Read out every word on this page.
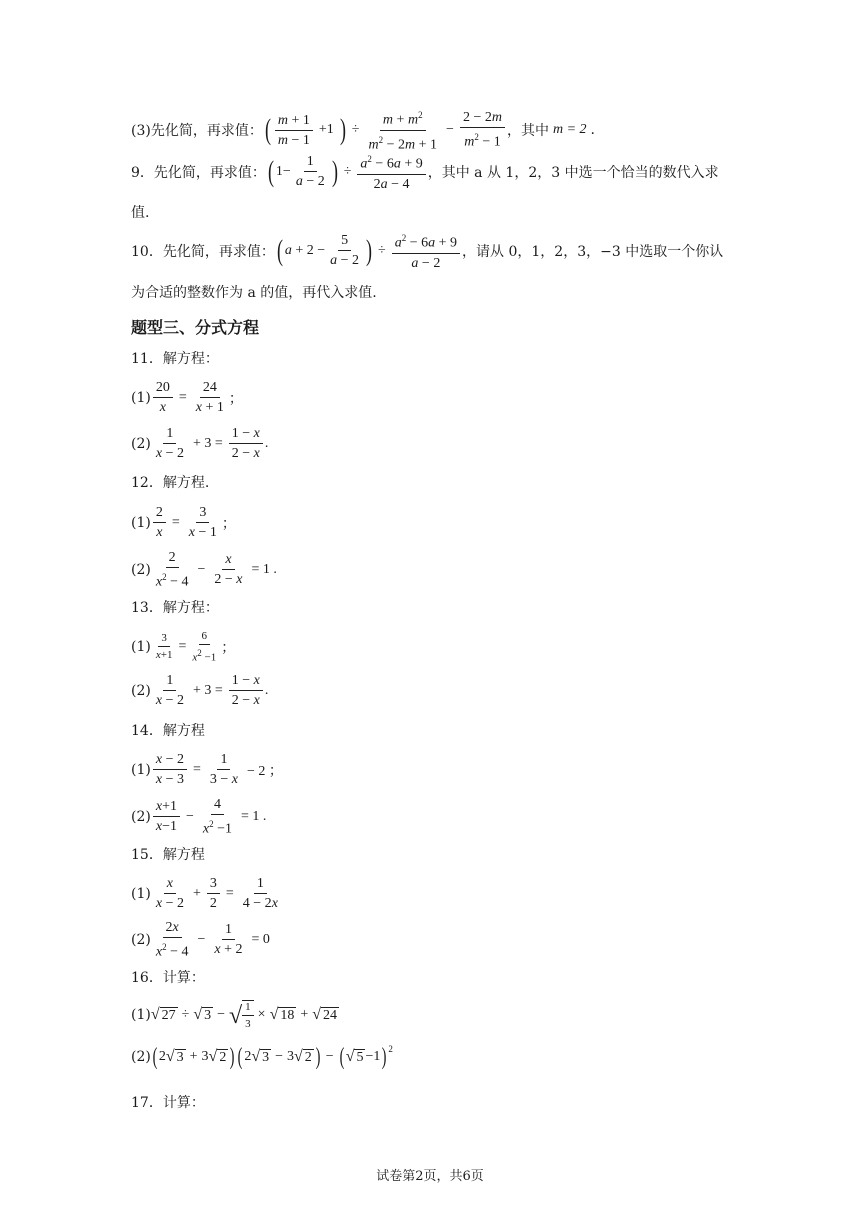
(3)先化简，再求值： ( $\frac{m + 1}{m - 1} +1$ ) ÷ $\frac{m + m^2}{m^2 - 2m + 1} - \frac{2 - 2m}{m^2 - 1}$ ，其中 m = 2 .
9．先化简，再求值： ( $1- \frac{1}{a - 2}$ ) ÷ $\frac{a^2 - 6a + 9}{2a - 4}$ ，其中 a 从 1，2，3 中选一个恰当的数代入求
值.
10．先化简，再求值： ( $a + 2 - \frac{5}{a - 2}$ ) ÷ $\frac{a^2 - 6a + 9}{a - 2}$ ，请从 0，1，2，3，−3 中选取一个你认
为合适的整数作为 a 的值，再代入求值.
题型三、分式方程
11．解方程：
$(1) \frac{20}{x} = \frac{24}{x + 1}$ ；
$(2) \frac{1}{x - 2} + 3 = \frac{1 - x}{2 - x}$ .
12．解方程.
$(1) \frac{2}{x} = \frac{3}{x - 1}$ ；
$(2) \frac{2}{x^2 - 4} - \frac{x}{2 - x} = 1$ .
13．解方程：
$(1) \frac{3}{x+1} = \frac{6}{x^2 -1}$ ；
$(2) \frac{1}{x - 2} + 3 = \frac{1 - x}{2 - x}$ .
14．解方程
$(1) \frac{x - 2}{x - 3} = \frac{1}{3 - x} - 2$ ；
$(2) \frac{x+1}{x-1} - \frac{4}{x^2 -1} = 1$ .
15．解方程
$(1) \frac{x}{x - 2} + \frac{3}{2} = \frac{1}{4 - 2x}$
$(2) \frac{2x}{x^2 - 4} - \frac{1}{x + 2} = 0$
16．计算：
(1) √ 27 ÷ √ 3 − √ $\frac{1}{3}$ × √ 18 + √ 24
(2) ( 2 √ 3 + 3 √ 2 ) ( 2 √ 3 − 3 √ 2 ) − ( √ 5 −1 )$^2$
17．计算：
试卷第2页，共6页
